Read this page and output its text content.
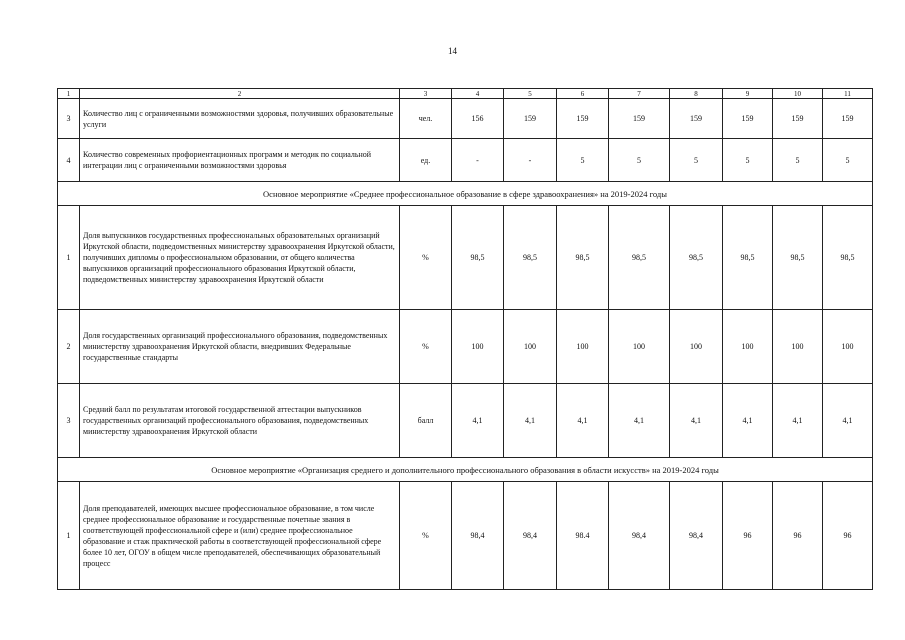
14
1	2	3	4	5	6	7	8	9	10	11
3	Количество лиц с ограниченными возможностями здоровья, получивших образовательные услуги	чел.	156	159	159	159	159	159	159	159
4	Количество современных профориентационных программ и методик по социальной интеграции лиц с ограниченными возможностями здоровья	ед.	-	-	5	5	5	5	5	5
Основное мероприятие «Среднее профессиональное образование в сфере здравоохранения» на 2019-2024 годы										
1	Доля выпускников государственных профессиональных образовательных организаций Иркутской области, подведомственных министерству здравоохранения Иркутской области, получивших дипломы о профессиональном образовании, от общего количества выпускников организаций профессионального образования Иркутской области, подведомственных министерству здравоохранения Иркутской области	%	98,5	98,5	98,5	98,5	98,5	98,5	98,5	98,5
2	Доля государственных организаций профессионального образования, подведомственных министерству здравоохранения Иркутской области, внедривших Федеральные государственные стандарты	%	100	100	100	100	100	100	100	100
3	Средний балл по результатам итоговой государственной аттестации выпускников государственных организаций профессионального образования, подведомственных министерству здравоохранения Иркутской области	балл	4,1	4,1	4,1	4,1	4,1	4,1	4,1	4,1
Основное мероприятие «Организация среднего и дополнительного профессионального образования в области искусств» на 2019-2024 годы										
1	Доля преподавателей, имеющих высшее профессиональное образование, в том числе среднее профессиональное образование и государственные почетные звания в соответствующей профессиональной сфере и (или) среднее профессиональное образование и стаж практической работы в соответствующей профессиональной сфере более 10 лет, ОГОУ в общем числе преподавателей, обеспечивающих образовательный процесс	%	98,4	98,4	98.4	98,4	98,4	96	96	96
